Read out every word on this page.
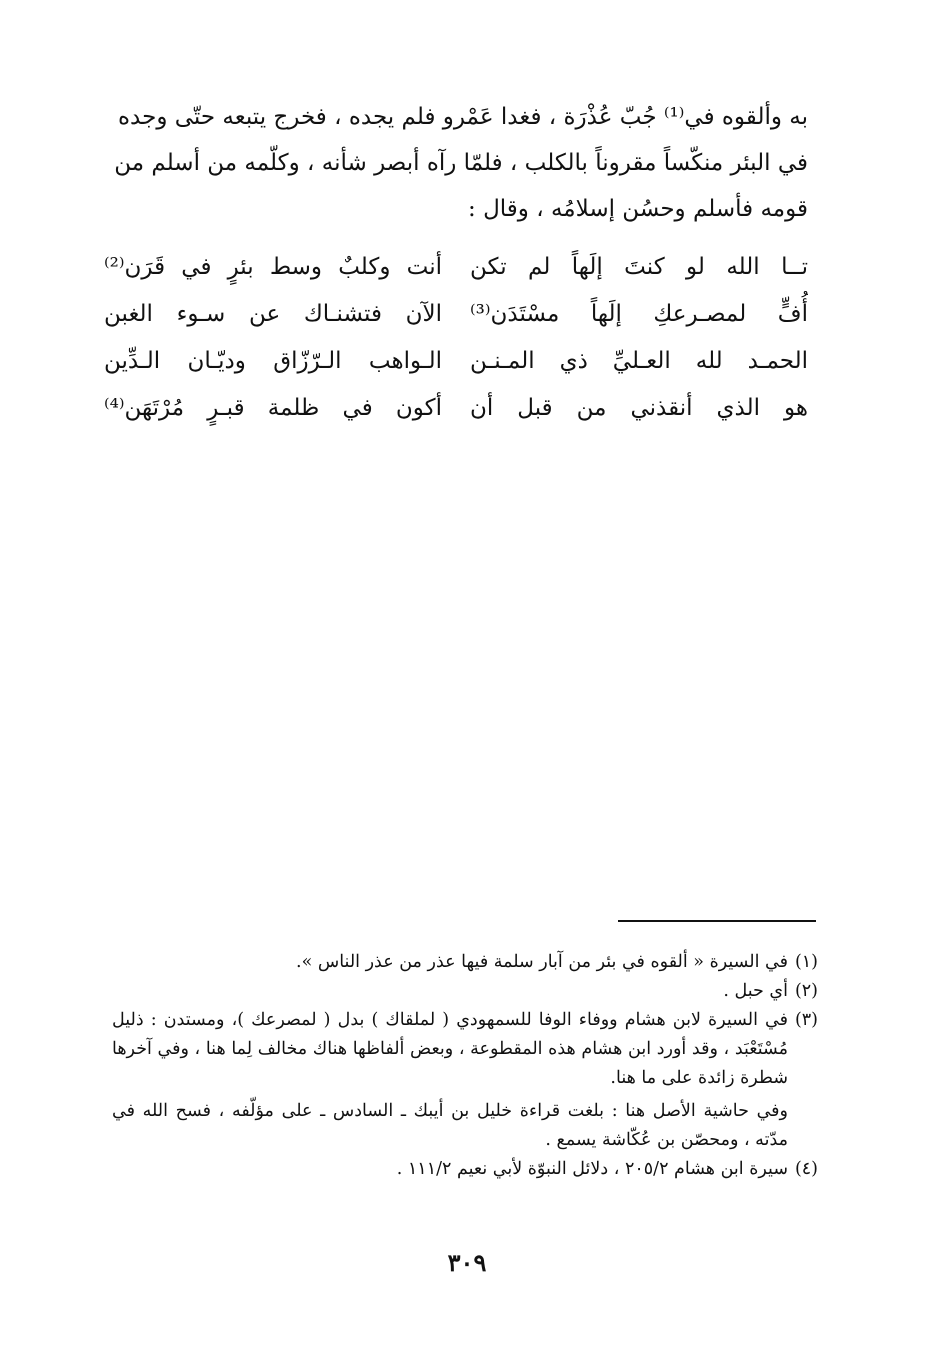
به وألقوه في⁽¹⁾ جُبّ عُذْرَة ، فغدا عَمْرو فلم يجده ، فخرج يتبعه حتّى وجده

في البئر منكّساً مقروناً بالكلب ، فلمّا رآه أبصر شأنه ، وكلّمه من أسلم من

قومه فأسلم وحسُن إسلامُه ، وقال :

تــا الله لو كنتَ إلَهاً لم تكن
أنت وكلبٌ وسط بئرٍ في قَرَن⁽²⁾
أُفٍّ لمصـرعكِ إلَهاً مسْتَدَن⁽³⁾
الآن فتشنـاك عن سـوء الغبن
الحمـد لله العـليِّ ذي المـنـن
الـواهب الـرّزّاق وديّـان الـدِّين
هو الذي أنقذني من قبل أن
أكون في ظلمة قبـرٍ مُرْتَهَن⁽⁴⁾
(١)

في السيرة « ألقوه في بئر من آبار سلمة فيها عذر من عذر الناس ».

(٢)

أي حبل .

(٣)

في السيرة لابن هشام ووفاء الوفا للسمهودي ( لملقاك ) بدل ( لمصرعك )، ومستدن : ذليل مُسْتَعْبَد ، وقد أورد ابن هشام هذه المقطوعة ، وبعض ألفاظها هناك مخالف لِما هنا ، وفي آخرها شطرة زائدة على ما هنا.

وفي حاشية الأصل هنا : بلغت قراءة خليل بن أيبك ـ السادس ـ على مؤلّفه ، فسح الله في مدّته ، ومحصّن بن عُكّاشة يسمع .

(٤)

سيرة ابن هشام ٢٠٥/٢ ، دلائل النبوّة لأبي نعيم ١١١/٢ .

٣٠٩
